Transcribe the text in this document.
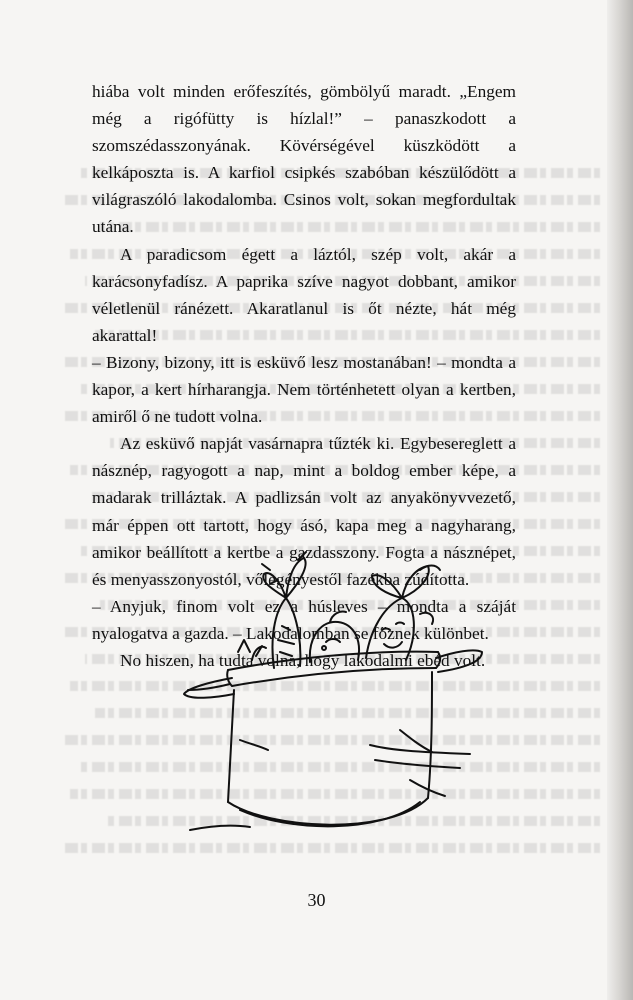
hiába volt minden erőfeszítés, gömbölyű maradt. „Engem még a rigófütty is hízlal!” – panaszkodott a szomszédasszonyának. Kövérségével küszködött a kelkáposzta is. A karfiol csipkés szabóban készülődött a világraszóló lakodalomba. Csinos volt, sokan megfordultak utána.

A paradicsom égett a láztól, szép volt, akár a karácsonyfadísz. A paprika szíve nagyot dobbant, amikor véletlenül ránézett. Akaratlanul is őt nézte, hát még akarattal!

– Bizony, bizony, itt is esküvő lesz mostanában! – mondta a kapor, a kert hírharangja. Nem történhetett olyan a kertben, amiről ő ne tudott volna.

Az esküvő napját vasárnapra tűzték ki. Egybesereglett a násznép, ragyogott a nap, mint a boldog ember képe, a madarak trilláztak. A padlizsán volt az anyakönyvvezető, már éppen ott tartott, hogy ásó, kapa meg a nagyharang, amikor beállított a kertbe a gazdasszony. Fogta a násznépet, és menyasszonyostól, vőlegényestől fazékba zúdította.

– Anyjuk, finom volt ez a húsleves – mondta a száját nyalogatva a gazda. – Lakodalomban se főznek különbet.

No hiszen, ha tudta volna, hogy lakodalmi ebéd volt.

30
